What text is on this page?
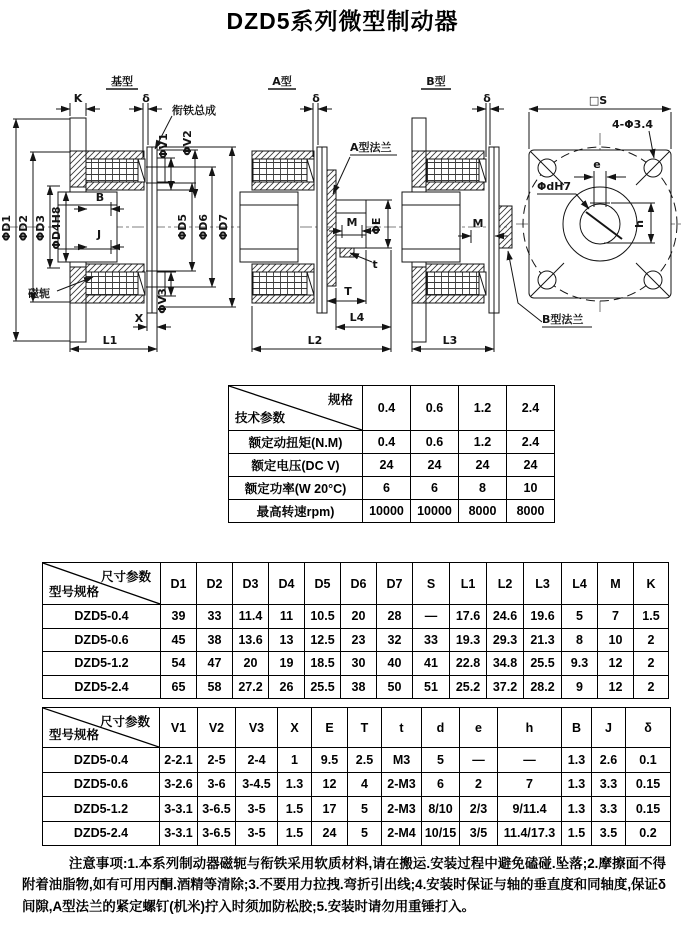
DZD5系列微型制动器
基型	A型	B型
K	δ
衔铁总成
ΦV1 ΦV2
ΦD1 ΦD2 ΦD3 ΦD4H8
B
J	ΦD5 ΦD6 ΦD7
磁轭	ΦV3
X
L1
δ
A型法兰
ΦE
M
t
T
L4
L2
δ
M
B型法兰
L3
□S
4-Φ3.4
e
ΦdH7
h
规格
技术参数	0.4	0.6	1.2	2.4
额定动扭矩(N.M)	0.4	0.6	1.2	2.4
额定电压(DC V)	24	24	24	24
额定功率(W 20°C)	6	6	8	10
最高转速rpm)	10000	10000	8000	8000
尺寸参数
型号规格	D1	D2	D3	D4	D5	D6	D7	S	L1	L2	L3	L4	M	K
DZD5-0.4	39	33	11.4	11	10.5	20	28	—	17.6	24.6	19.6	5	7	1.5
DZD5-0.6	45	38	13.6	13	12.5	23	32	33	19.3	29.3	21.3	8	10	2
DZD5-1.2	54	47	20	19	18.5	30	40	41	22.8	34.8	25.5	9.3	12	2
DZD5-2.4	65	58	27.2	26	25.5	38	50	51	25.2	37.2	28.2	9	12	2
尺寸参数
型号规格	V1	V2	V3	X	E	T	t	d	e	h	B	J	δ
DZD5-0.4	2-2.1	2-5	2-4	1	9.5	2.5	M3	5	—	—	1.3	2.6	0.1
DZD5-0.6	3-2.6	3-6	3-4.5	1.3	12	4	2-M3	6	2	7	1.3	3.3	0.15
DZD5-1.2	3-3.1	3-6.5	3-5	1.5	17	5	2-M3	8/10	2/3	9/11.4	1.3	3.3	0.15
DZD5-2.4	3-3.1	3-6.5	3-5	1.5	24	5	2-M4	10/15	3/5	11.4/17.3	1.5	3.5	0.2

注意事项:1.本系列制动器磁轭与衔铁采用软质材料,请在搬运.安装过程中避免磕碰.坠落;2.摩擦面不得附着油脂物,如有可用丙酮.酒精等清除;3.不要用力拉拽.弯折引出线;4.安装时保证与轴的垂直度和同轴度,保证δ间隙,A型法兰的紧定螺钉(机米)拧入时须加防松胶;5.安装时请勿用重锤打入。
